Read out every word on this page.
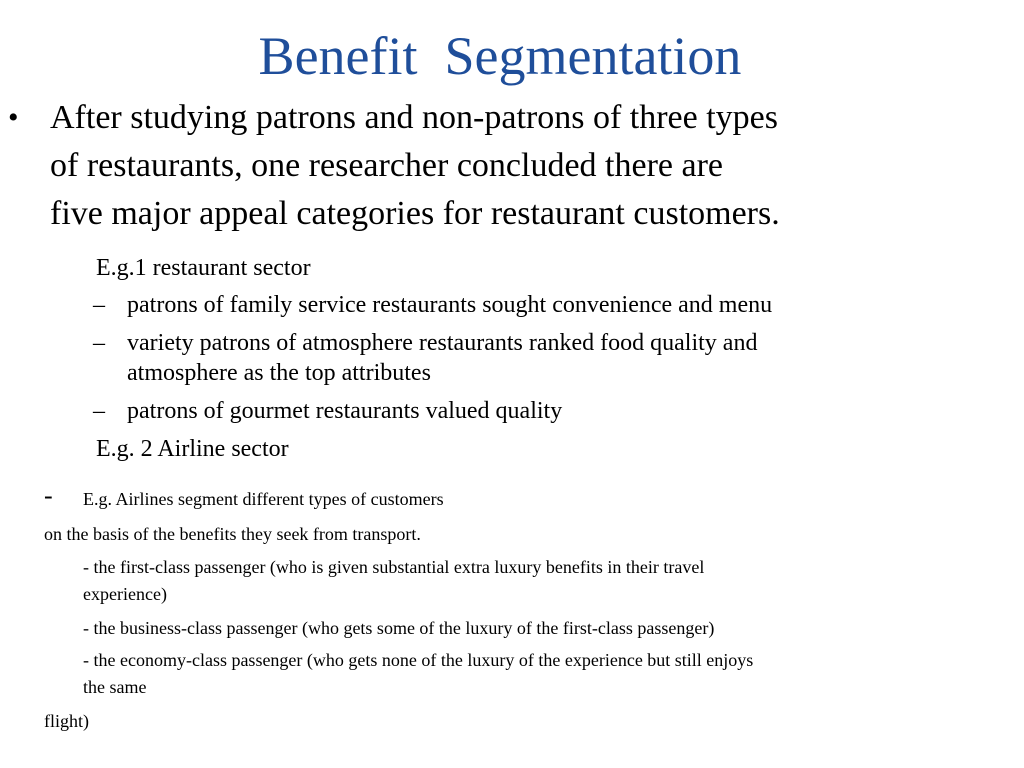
Benefit  Segmentation
• After studying patrons and non-patrons of three types
of restaurants, one researcher concluded there are
five major appeal categories for restaurant customers.
E.g.1 restaurant sector
– patrons of family service restaurants sought convenience and menu
– variety patrons of atmosphere restaurants ranked food quality and
atmosphere as the top attributes
– patrons of gourmet restaurants valued quality
E.g. 2 Airline sector
- E.g. Airlines segment different types of customers
on the basis of the benefits they seek from transport.
- the first-class passenger (who is given substantial extra luxury benefits in their travel
experience)
- the business-class passenger (who gets some of the luxury of the first-class passenger)
- the economy-class passenger (who gets none of the luxury of the experience but still enjoys
the same
flight)
